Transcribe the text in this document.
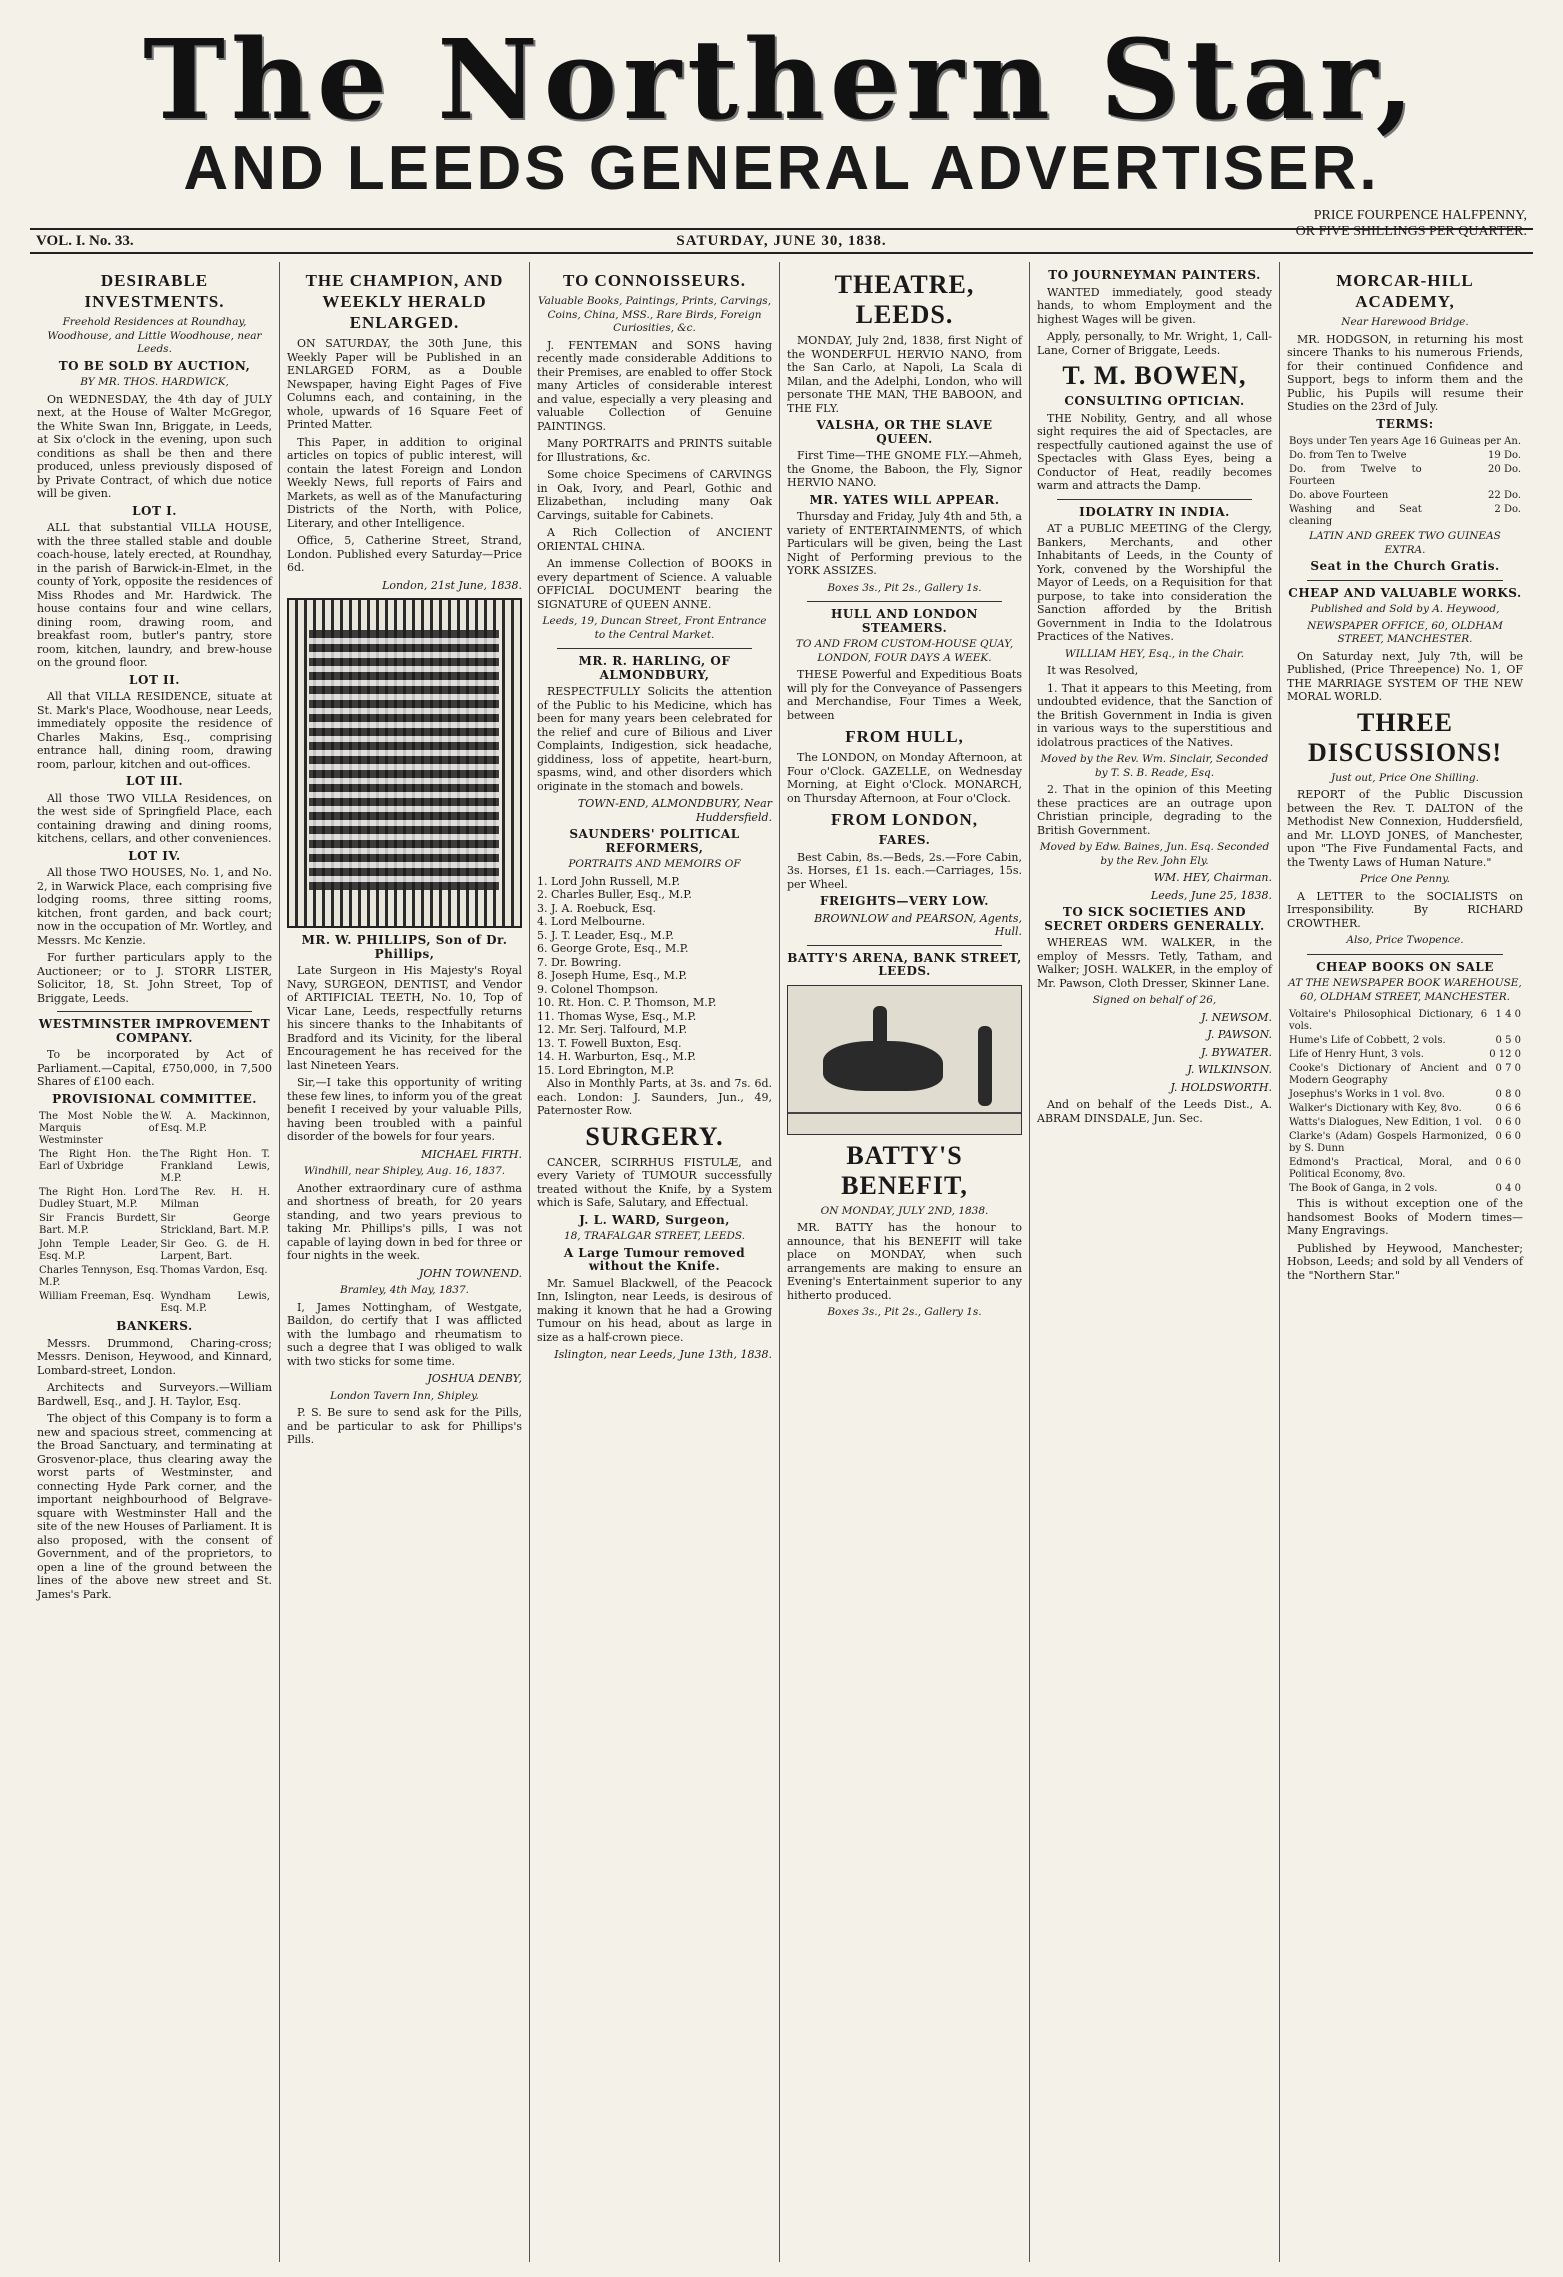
The Northern Star,
AND LEEDS GENERAL ADVERTISER.
VOL. I. No. 33.	SATURDAY, JUNE 30, 1838.
PRICE FOURPENCE HALFPENNY,
OR FIVE SHILLINGS PER QUARTER.
DESIRABLE INVESTMENTS.
Freehold Residences at Roundhay, Woodhouse, and Little Woodhouse, near Leeds.
TO BE SOLD BY AUCTION,
BY MR. THOS. HARDWICK,

On WEDNESDAY, the 4th day of JULY next, at the House of Walter McGregor, the White Swan Inn, Briggate, in Leeds, at Six o'clock in the evening, upon such conditions as shall be then and there produced, unless previously disposed of by Private Contract, of which due notice will be given.

LOT I.

ALL that substantial VILLA HOUSE, with the three stalled stable and double coach-house, lately erected, at Roundhay, in the parish of Barwick-in-Elmet, in the county of York, opposite the residences of Miss Rhodes and Mr. Hardwick. The house contains four and wine cellars, dining room, drawing room, and breakfast room, butler's pantry, store room, kitchen, laundry, and brew-house on the ground floor.

LOT II.

All that VILLA RESIDENCE, situate at St. Mark's Place, Woodhouse, near Leeds, immediately opposite the residence of Charles Makins, Esq., comprising entrance hall, dining room, drawing room, parlour, kitchen and out-offices.

LOT III.

All those TWO VILLA Residences, on the west side of Springfield Place, each containing drawing and dining rooms, kitchens, cellars, and other conveniences.

LOT IV.

All those TWO HOUSES, No. 1, and No. 2, in Warwick Place, each comprising five lodging rooms, three sitting rooms, kitchen, front garden, and back court; now in the occupation of Mr. Wortley, and Messrs. Mc Kenzie.

For further particulars apply to the Auctioneer; or to J. STORR LISTER, Solicitor, 18, St. John Street, Top of Briggate, Leeds.

WESTMINSTER IMPROVEMENT COMPANY.

To be incorporated by Act of Parliament.—Capital, £750,000, in 7,500 Shares of £100 each.

PROVISIONAL COMMITTEE.
The Most Noble the Marquis of Westminster	W. A. Mackinnon, Esq. M.P.
The Right Hon. the Earl of Uxbridge	The Right Hon. T. Frankland Lewis, M.P.
The Right Hon. Lord Dudley Stuart, M.P.	The Rev. H. H. Milman
Sir Francis Burdett, Bart. M.P.	Sir George Strickland, Bart. M.P.
John Temple Leader, Esq. M.P.	Sir Geo. G. de H. Larpent, Bart.
Charles Tennyson, Esq. M.P.	Thomas Vardon, Esq.
William Freeman, Esq.	Wyndham Lewis, Esq. M.P.
BANKERS.

Messrs. Drummond, Charing-cross; Messrs. Denison, Heywood, and Kinnard, Lombard-street, London.

Architects and Surveyors.—William Bardwell, Esq., and J. H. Taylor, Esq.

The object of this Company is to form a new and spacious street, commencing at the Broad Sanctuary, and terminating at Grosvenor-place, thus clearing away the worst parts of Westminster, and connecting Hyde Park corner, and the important neighbourhood of Belgrave-square with Westminster Hall and the site of the new Houses of Parliament. It is also proposed, with the consent of Government, and of the proprietors, to open a line of the ground between the lines of the above new street and St. James's Park.

THE CHAMPION, AND WEEKLY HERALD ENLARGED.

ON SATURDAY, the 30th June, this Weekly Paper will be Published in an ENLARGED FORM, as a Double Newspaper, having Eight Pages of Five Columns each, and containing, in the whole, upwards of 16 Square Feet of Printed Matter.

This Paper, in addition to original articles on topics of public interest, will contain the latest Foreign and London Weekly News, full reports of Fairs and Markets, as well as of the Manufacturing Districts of the North, with Police, Literary, and other Intelligence.

Office, 5, Catherine Street, Strand, London. Published every Saturday—Price 6d.

London, 21st June, 1838.
MR. W. PHILLIPS, Son of Dr. Phillips,

Late Surgeon in His Majesty's Royal Navy, SURGEON, DENTIST, and Vendor of ARTIFICIAL TEETH, No. 10, Top of Vicar Lane, Leeds, respectfully returns his sincere thanks to the Inhabitants of Bradford and its Vicinity, for the liberal Encouragement he has received for the last Nineteen Years.

Sir,—I take this opportunity of writing these few lines, to inform you of the great benefit I received by your valuable Pills, having been troubled with a painful disorder of the bowels for four years.

MICHAEL FIRTH.
Windhill, near Shipley, Aug. 16, 1837.

Another extraordinary cure of asthma and shortness of breath, for 20 years standing, and two years previous to taking Mr. Phillips's pills, I was not capable of laying down in bed for three or four nights in the week.

JOHN TOWNEND.
Bramley, 4th May, 1837.

I, James Nottingham, of Westgate, Baildon, do certify that I was afflicted with the lumbago and rheumatism to such a degree that I was obliged to walk with two sticks for some time.

JOSHUA DENBY,
London Tavern Inn, Shipley.

P. S. Be sure to send ask for the Pills, and be particular to ask for Phillips's Pills.

TO CONNOISSEURS.
Valuable Books, Paintings, Prints, Carvings, Coins, China, MSS., Rare Birds, Foreign Curiosities, &c.

J. FENTEMAN and SONS having recently made considerable Additions to their Premises, are enabled to offer Stock many Articles of considerable interest and value, especially a very pleasing and valuable Collection of Genuine PAINTINGS.

Many PORTRAITS and PRINTS suitable for Illustrations, &c.

Some choice Specimens of CARVINGS in Oak, Ivory, and Pearl, Gothic and Elizabethan, including many Oak Carvings, suitable for Cabinets.

A Rich Collection of ANCIENT ORIENTAL CHINA.

An immense Collection of BOOKS in every department of Science. A valuable OFFICIAL DOCUMENT bearing the SIGNATURE of QUEEN ANNE.

Leeds, 19, Duncan Street, Front Entrance to the Central Market.
MR. R. HARLING, OF ALMONDBURY,

RESPECTFULLY Solicits the attention of the Public to his Medicine, which has been for many years been celebrated for the relief and cure of Bilious and Liver Complaints, Indigestion, sick headache, giddiness, loss of appetite, heart-burn, spasms, wind, and other disorders which originate in the stomach and bowels.

TOWN-END, ALMONDBURY, Near Huddersfield.
SAUNDERS' POLITICAL REFORMERS,
PORTRAITS AND MEMOIRS OF
1. Lord John Russell, M.P.
2. Charles Buller, Esq., M.P.
3. J. A. Roebuck, Esq.
4. Lord Melbourne.
5. J. T. Leader, Esq., M.P.
6. George Grote, Esq., M.P.
7. Dr. Bowring.
8. Joseph Hume, Esq., M.P.
9. Colonel Thompson.
10. Rt. Hon. C. P. Thomson, M.P.
11. Thomas Wyse, Esq., M.P.
12. Mr. Serj. Talfourd, M.P.
13. T. Fowell Buxton, Esq.
14. H. Warburton, Esq., M.P.
15. Lord Ebrington, M.P.

Also in Monthly Parts, at 3s. and 7s. 6d. each. London: J. Saunders, Jun., 49, Paternoster Row.

SURGERY.

CANCER, SCIRRHUS FISTULÆ, and every Variety of TUMOUR successfully treated without the Knife, by a System which is Safe, Salutary, and Effectual.

J. L. WARD, Surgeon,
18, TRAFALGAR STREET, LEEDS.
A Large Tumour removed without the Knife.

Mr. Samuel Blackwell, of the Peacock Inn, Islington, near Leeds, is desirous of making it known that he had a Growing Tumour on his head, about as large in size as a half-crown piece.

Islington, near Leeds, June 13th, 1838.
THEATRE, LEEDS.

MONDAY, July 2nd, 1838, first Night of the WONDERFUL HERVIO NANO, from the San Carlo, at Napoli, La Scala di Milan, and the Adelphi, London, who will personate THE MAN, THE BABOON, and THE FLY.

VALSHA, OR THE SLAVE QUEEN.

First Time—THE GNOME FLY.—Ahmeh, the Gnome, the Baboon, the Fly, Signor HERVIO NANO.

MR. YATES WILL APPEAR.

Thursday and Friday, July 4th and 5th, a variety of ENTERTAINMENTS, of which Particulars will be given, being the Last Night of Performing previous to the YORK ASSIZES.

Boxes 3s., Pit 2s., Gallery 1s.
HULL AND LONDON STEAMERS.
TO AND FROM CUSTOM-HOUSE QUAY, LONDON, FOUR DAYS A WEEK.

THESE Powerful and Expeditious Boats will ply for the Conveyance of Passengers and Merchandise, Four Times a Week, between

FROM HULL,

The LONDON, on Monday Afternoon, at Four o'Clock. GAZELLE, on Wednesday Morning, at Eight o'Clock. MONARCH, on Thursday Afternoon, at Four o'Clock.

FROM LONDON,
FARES.

Best Cabin, 8s.—Beds, 2s.—Fore Cabin, 3s. Horses, £1 1s. each.—Carriages, 15s. per Wheel.

FREIGHTS—VERY LOW.
BROWNLOW and PEARSON, Agents, Hull.
BATTY'S ARENA, BANK STREET, LEEDS.
BATTY'S BENEFIT,
ON MONDAY, JULY 2ND, 1838.

MR. BATTY has the honour to announce, that his BENEFIT will take place on MONDAY, when such arrangements are making to ensure an Evening's Entertainment superior to any hitherto produced.

Boxes 3s., Pit 2s., Gallery 1s.
TO JOURNEYMAN PAINTERS.

WANTED immediately, good steady hands, to whom Employment and the highest Wages will be given.

Apply, personally, to Mr. Wright, 1, Call-Lane, Corner of Briggate, Leeds.

T. M. BOWEN,
CONSULTING OPTICIAN.

THE Nobility, Gentry, and all whose sight requires the aid of Spectacles, are respectfully cautioned against the use of Spectacles with Glass Eyes, being a Conductor of Heat, readily becomes warm and attracts the Damp.

IDOLATRY IN INDIA.

AT a PUBLIC MEETING of the Clergy, Bankers, Merchants, and other Inhabitants of Leeds, in the County of York, convened by the Worshipful the Mayor of Leeds, on a Requisition for that purpose, to take into consideration the Sanction afforded by the British Government in India to the Idolatrous Practices of the Natives.

WILLIAM HEY, Esq., in the Chair.

It was Resolved,

1. That it appears to this Meeting, from undoubted evidence, that the Sanction of the British Government in India is given in various ways to the superstitious and idolatrous practices of the Natives.

Moved by the Rev. Wm. Sinclair, Seconded by T. S. B. Reade, Esq.

2. That in the opinion of this Meeting these practices are an outrage upon Christian principle, degrading to the British Government.

Moved by Edw. Baines, Jun. Esq. Seconded by the Rev. John Ely.
WM. HEY, Chairman.
Leeds, June 25, 1838.
TO SICK SOCIETIES AND SECRET ORDERS GENERALLY.

WHEREAS WM. WALKER, in the employ of Messrs. Tetly, Tatham, and Walker; JOSH. WALKER, in the employ of Mr. Pawson, Cloth Dresser, Skinner Lane.

Signed on behalf of 26,
J. NEWSOM.
J. PAWSON.
J. BYWATER.
J. WILKINSON.
J. HOLDSWORTH.

And on behalf of the Leeds Dist., A. ABRAM DINSDALE, Jun. Sec.

MORCAR-HILL ACADEMY,
Near Harewood Bridge.

MR. HODGSON, in returning his most sincere Thanks to his numerous Friends, for their continued Confidence and Support, begs to inform them and the Public, his Pupils will resume their Studies on the 23rd of July.

TERMS:
Boys under Ten years Age	16 Guineas per An.
Do. from Ten to Twelve	19 Do.
Do. from Twelve to Fourteen	20 Do.
Do. above Fourteen	22 Do.
Washing and Seat cleaning	2 Do.
LATIN AND GREEK TWO GUINEAS EXTRA.
Seat in the Church Gratis.
CHEAP AND VALUABLE WORKS.
Published and Sold by A. Heywood,
NEWSPAPER OFFICE, 60, OLDHAM STREET, MANCHESTER.

On Saturday next, July 7th, will be Published, (Price Threepence) No. 1, OF THE MARRIAGE SYSTEM OF THE NEW MORAL WORLD.

THREE DISCUSSIONS!
Just out, Price One Shilling.

REPORT of the Public Discussion between the Rev. T. DALTON of the Methodist New Connexion, Huddersfield, and Mr. LLOYD JONES, of Manchester, upon "The Five Fundamental Facts, and the Twenty Laws of Human Nature."

Price One Penny.

A LETTER to the SOCIALISTS on Irresponsibility. By RICHARD CROWTHER.

Also, Price Twopence.
CHEAP BOOKS ON SALE
AT THE NEWSPAPER BOOK WAREHOUSE, 60, OLDHAM STREET, MANCHESTER.
Voltaire's Philosophical Dictionary, 6 vols.	1 4 0
Hume's Life of Cobbett, 2 vols.	0 5 0
Life of Henry Hunt, 3 vols.	0 12 0
Cooke's Dictionary of Ancient and Modern Geography	0 7 0
Josephus's Works in 1 vol. 8vo.	0 8 0
Walker's Dictionary with Key, 8vo.	0 6 6
Watts's Dialogues, New Edition, 1 vol.	0 6 0
Clarke's (Adam) Gospels Harmonized, by S. Dunn	0 6 0
Edmond's Practical, Moral, and Political Economy, 8vo.	0 6 0
The Book of Ganga, in 2 vols.	0 4 0

This is without exception one of the handsomest Books of Modern times—Many Engravings.

Published by Heywood, Manchester; Hobson, Leeds; and sold by all Venders of the "Northern Star."
